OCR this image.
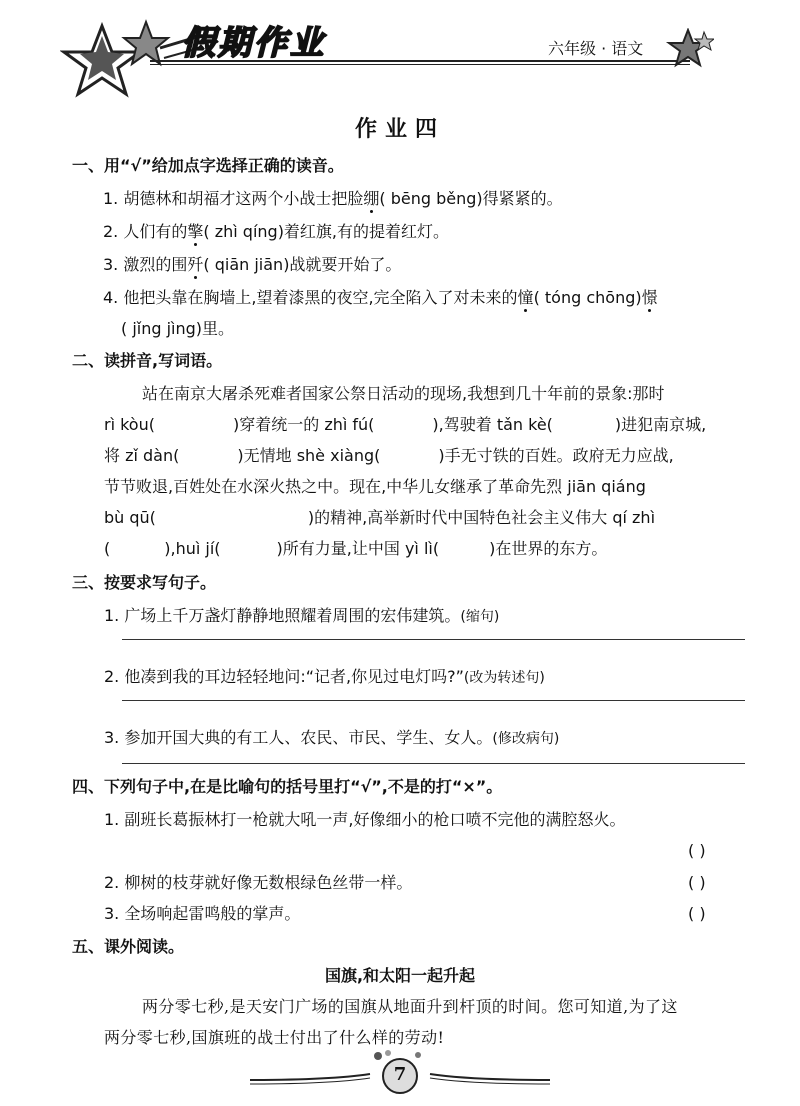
假期作业	六年级 · 语文
作业四
一、用“√”给加点字选择正确的读音。
1. 胡德林和胡福才这两个小战士把脸绷( bēng běng)得紧紧的。
2. 人们有的擎( zhì qíng)着红旗,有的提着红灯。
3. 激烈的围歼( qiān jiān)战就要开始了。
4. 他把头靠在胸墙上,望着漆黑的夜空,完全陷入了对未来的憧( tóng chōng)憬
( jǐng jìng)里。
二、读拼音,写词语。
站在南京大屠杀死难者国家公祭日活动的现场,我想到几十年前的景象:那时
rì kòu(	)穿着统一的 zhì fú(	),驾驶着 tǎn kè(	)进犯南京城,
将 zǐ dàn(	)无情地 shè xiàng(	)手无寸铁的百姓。政府无力应战,
节节败退,百姓处在水深火热之中。现在,中华儿女继承了革命先烈 jiān qiáng
bù qū(	)的精神,高举新时代中国特色社会主义伟大 qí zhì
(	),huì jí(	)所有力量,让中国 yì lì(	)在世界的东方。
三、按要求写句子。
1. 广场上千万盏灯静静地照耀着周围的宏伟建筑。(缩句)
2. 他凑到我的耳边轻轻地问:“记者,你见过电灯吗?”(改为转述句)
3. 参加开国大典的有工人、农民、市民、学生、女人。(修改病句)
四、下列句子中,在是比喻句的括号里打“√”,不是的打“×”。
1. 副班长葛振林打一枪就大吼一声,好像细小的枪口喷不完他的满腔怒火。
( )
2. 柳树的枝芽就好像无数根绿色丝带一样。	( )
3. 全场响起雷鸣般的掌声。	( )
五、课外阅读。
国旗,和太阳一起升起
两分零七秒,是天安门广场的国旗从地面升到杆顶的时间。您可知道,为了这
两分零七秒,国旗班的战士付出了什么样的劳动!
7
